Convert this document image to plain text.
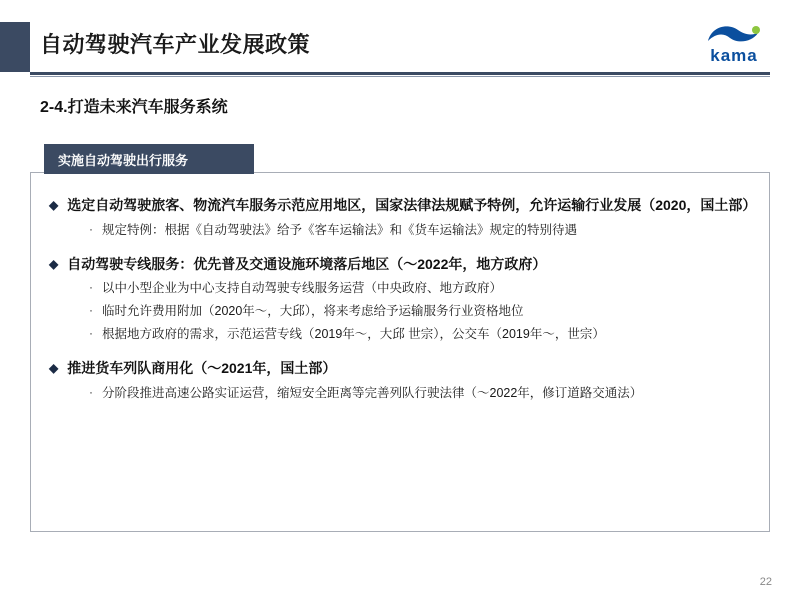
自动驾驶汽车产业发展政策	kama
2-4.打造未来汽车服务系统
◆ 选定自动驾驶旅客、物流汽车服务示范应用地区，国家法律法规赋予特例，允许运输行业发展（2020，国土部）
· 规定特例：根据《自动驾驶法》给予《客车运输法》和《货车运输法》规定的特别待遇
◆ 自动驾驶专线服务：优先普及交通设施环境落后地区（～2022年，地方政府）
· 以中小型企业为中心支持自动驾驶专线服务运营（中央政府、地方政府）
· 临时允许费用附加（2020年～，大邱），将来考虑给予运输服务行业资格地位
· 根据地方政府的需求，示范运营专线（2019年～，大邱 世宗），公交车（2019年～，世宗）
◆ 推进货车列队商用化（～2021年，国土部）
· 分阶段推进高速公路实证运营，缩短安全距离等完善列队行驶法律（～2022年，修订道路交通法）
实施自动驾驶出行服务
22
